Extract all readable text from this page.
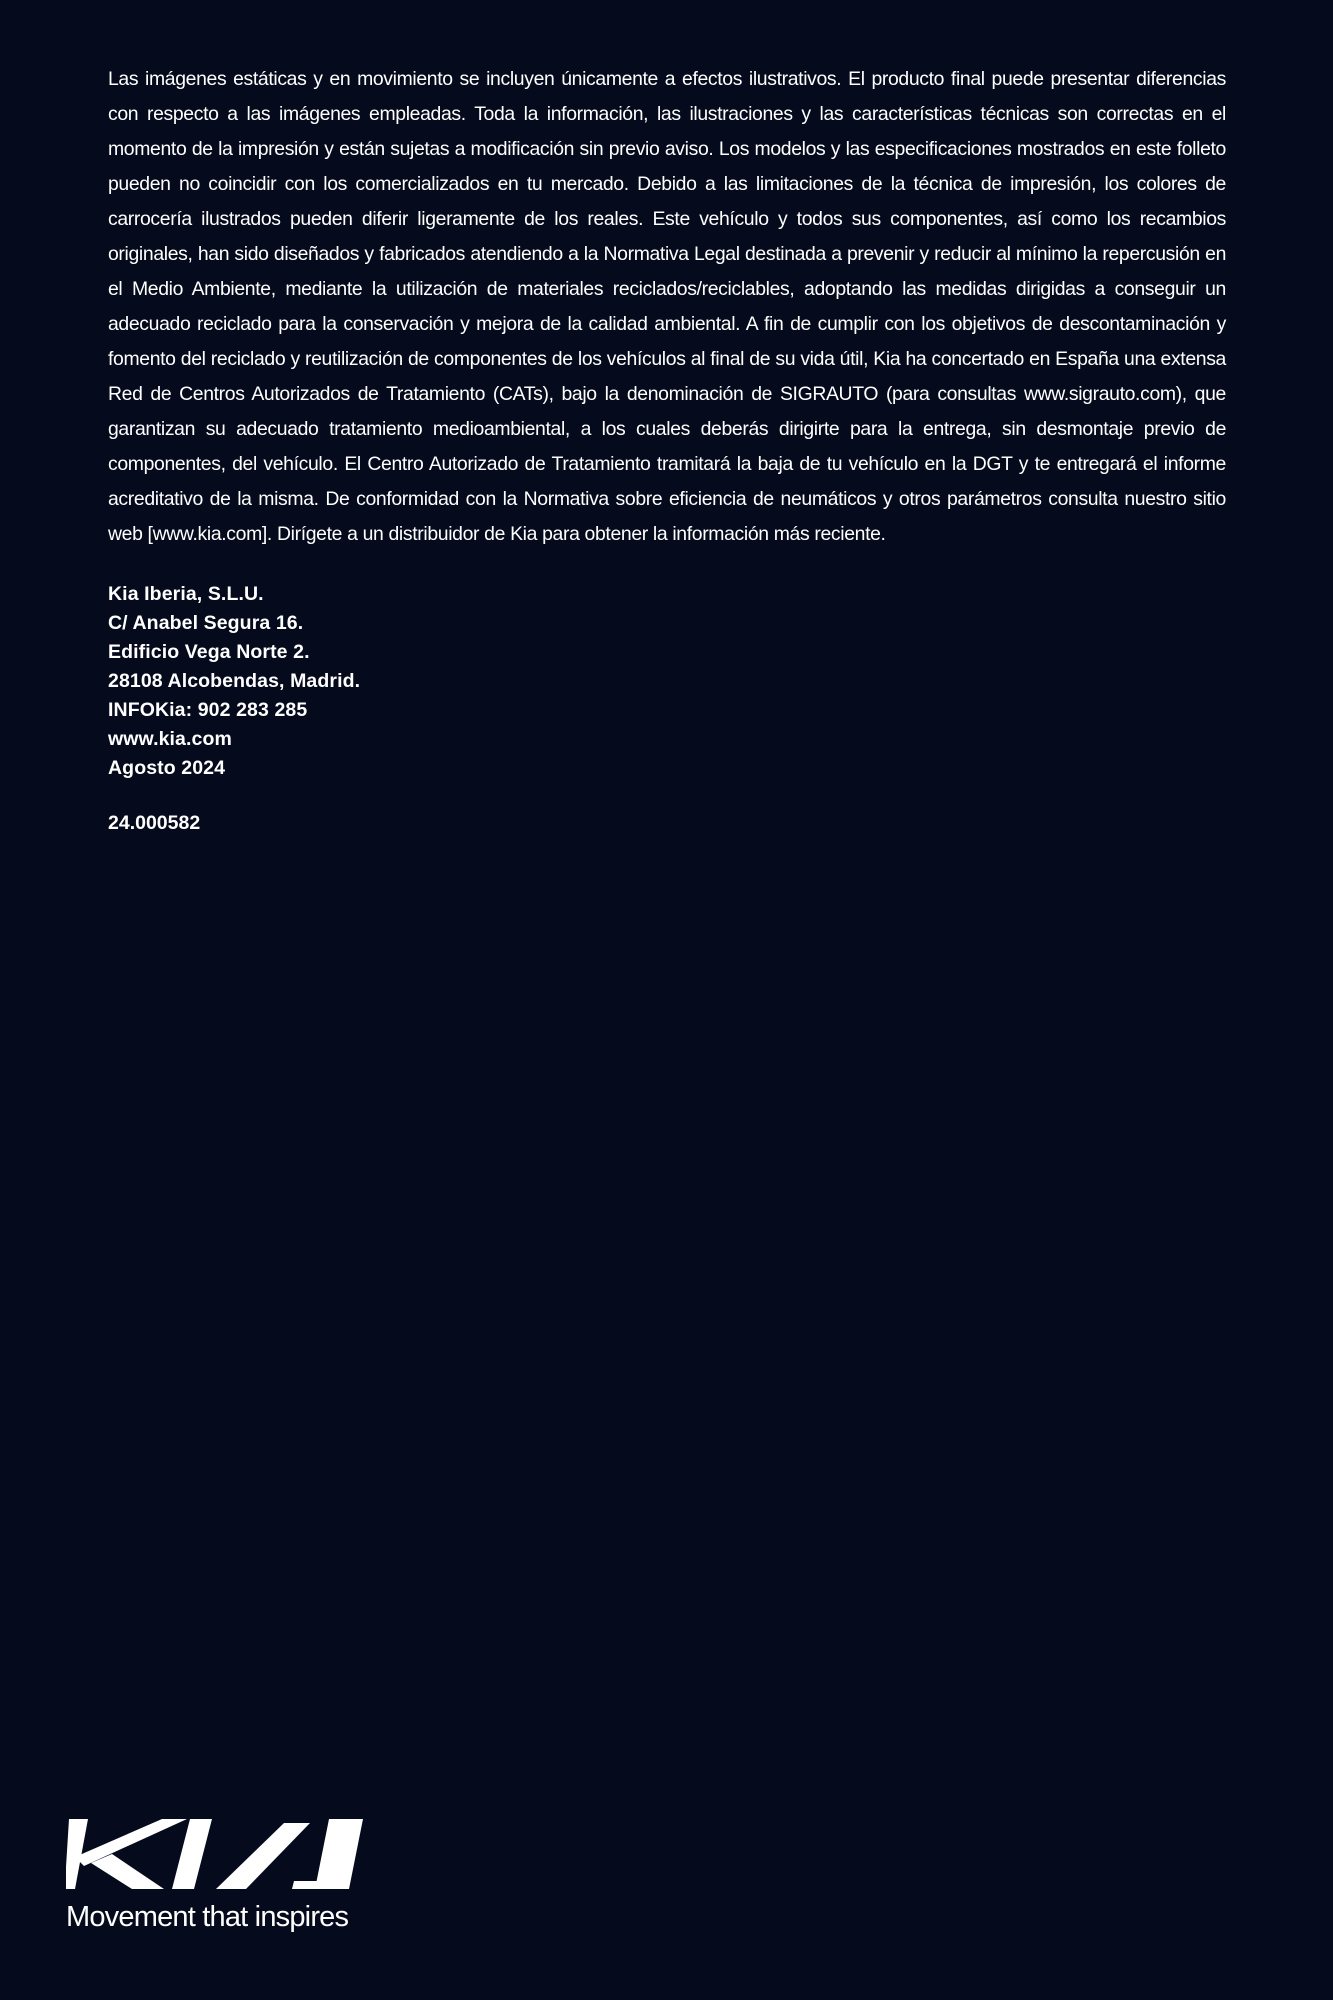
Las imágenes estáticas y en movimiento se incluyen únicamente a efectos ilustrativos. El producto final puede presentar diferencias con respecto a las imágenes empleadas. Toda la información, las ilustraciones y las características técnicas son correctas en el momento de la impresión y están sujetas a modificación sin previo aviso. Los modelos y las especificaciones mostrados en este folleto pueden no coincidir con los comercializados en tu mercado. Debido a las limitaciones de la técnica de impresión, los colores de carrocería ilustrados pueden diferir ligeramente de los reales. Este vehículo y todos sus componentes, así como los recambios originales, han sido diseñados y fabricados atendiendo a la Normativa Legal destinada a prevenir y reducir al mínimo la repercusión en el Medio Ambiente, mediante la utilización de materiales reciclados/reciclables, adoptando las medidas dirigidas a conseguir un adecuado reciclado para la conservación y mejora de la calidad ambiental. A fin de cumplir con los objetivos de descontaminación y fomento del reciclado y reutilización de componentes de los vehículos al final de su vida útil, Kia ha concertado en España una extensa Red de Centros Autorizados de Tratamiento (CATs), bajo la denominación de SIGRAUTO (para consultas www.sigrauto.com), que garantizan su adecuado tratamiento medioambiental, a los cuales deberás dirigirte para la entrega, sin desmontaje previo de componentes, del vehículo. El Centro Autorizado de Tratamiento tramitará la baja de tu vehículo en la DGT y te entregará el informe acreditativo de la misma. De conformidad con la Normativa sobre eficiencia de neumáticos y otros parámetros consulta nuestro sitio web [www.kia.com]. Dirígete a un distribuidor de Kia para obtener la información más reciente.

Kia Iberia, S.L.U.
C/ Anabel Segura 16.
Edificio Vega Norte 2.
28108 Alcobendas, Madrid.
INFOKia: 902 283 285
www.kia.com
Agosto 2024
24.000582
Movement that inspires
